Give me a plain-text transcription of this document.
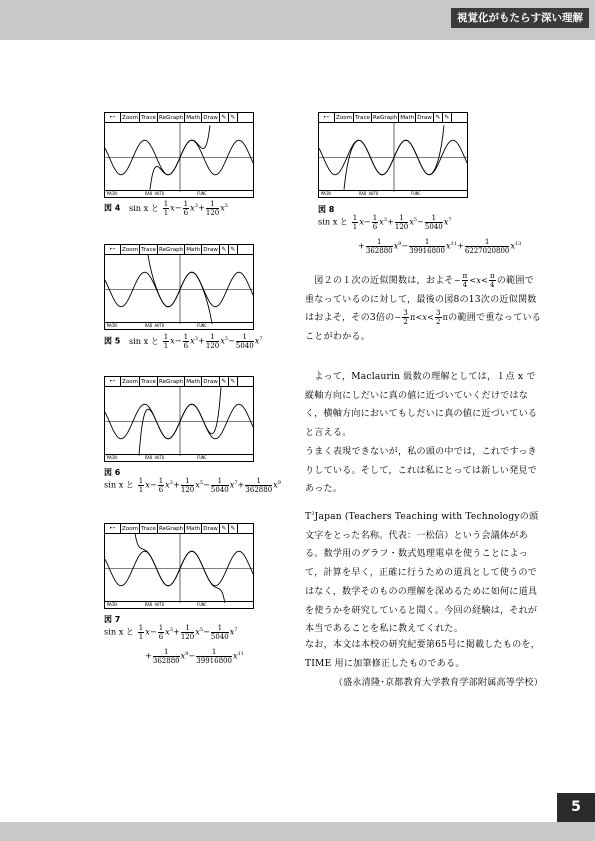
視覚化がもたらす深い理解
5
▸←	Zoom Trace ReGraph Math Draw ✎ ✎
MAIN	RAD AUTO	FUNC
▸←	Zoom Trace ReGraph Math Draw ✎ ✎
MAIN	RAD AUTO	FUNC
▸←	Zoom Trace ReGraph Math Draw ✎ ✎
MAIN	RAD AUTO	FUNC
▸←	Zoom Trace ReGraph Math Draw ✎ ✎
MAIN	RAD AUTO	FUNC
▸←	Zoom Trace ReGraph Math Draw ✎ ✎
MAIN	RAD AUTO	FUNC
図 4 sin x と $\frac{1}{1} x- \frac{1}{6} x^3+ \frac{1}{120} x^5$
図 5 sin x と $\frac{1}{1} x- \frac{1}{6} x^3+ \frac{1}{120} x^5- \frac{1}{5040} x^7$
図 6
sin x と $\frac{1}{1} x- \frac{1}{6} x^3+ \frac{1}{120} x^5- \frac{1}{5040} x^7+ \frac{1}{362880} x^9$
図 7
sin x と $\frac{1}{1} x- \frac{1}{6} x^3+ \frac{1}{120} x^5- \frac{1}{5040} x^7$
+ $\frac{1}{362880} x^9- \frac{1}{39916800} x^{11}$
図 8
sin x と $\frac{1}{1} x- \frac{1}{6} x^3+ \frac{1}{120} x^5- \frac{1}{5040} x^7$
+ $\frac{1}{362880} x^9- \frac{1}{39916800} x^{11}+ \frac{1}{6227020800} x^{13}$

　図２の１次の近似関数は，およそ− $\frac{\pi}{4} <x< \frac{\pi}{4}$ の範囲で重なっているのに対して，最後の図8の13次の近似関数はおよそ，その3倍の− $\frac{3}{2} \pi<x< \frac{3}{2}$ πの範囲で重なっていることがわかる。

　よって，Maclaurin 級数の理解としては，１点 x で縦軸方向にしだいに真の値に近づいていくだけではなく，横軸方向においてもしだいに真の値に近づいていると言える。
うまく表現できないが，私の頭の中では，これですっきりしている。そして，これは私にとっては新しい発見であった。
$T^3Japan$ (Teachers Teaching with Technologyの頭文字をとった名称。代表：一松信）という会議体がある。数学用のグラフ・数式処理電卓を使うことによって，計算を早く，正確に行うための道具として使うのではなく，数学そのものの理解を深めるために如何に道具を使うかを研究していると聞く。今回の経験は，それが本当であることを私に教えてくれた。
なお，本文は本校の研究紀要第65号に掲載したものを，TIME 用に加筆修正したものである。
（盛永清隆･京都教育大学教育学部附属高等学校）
